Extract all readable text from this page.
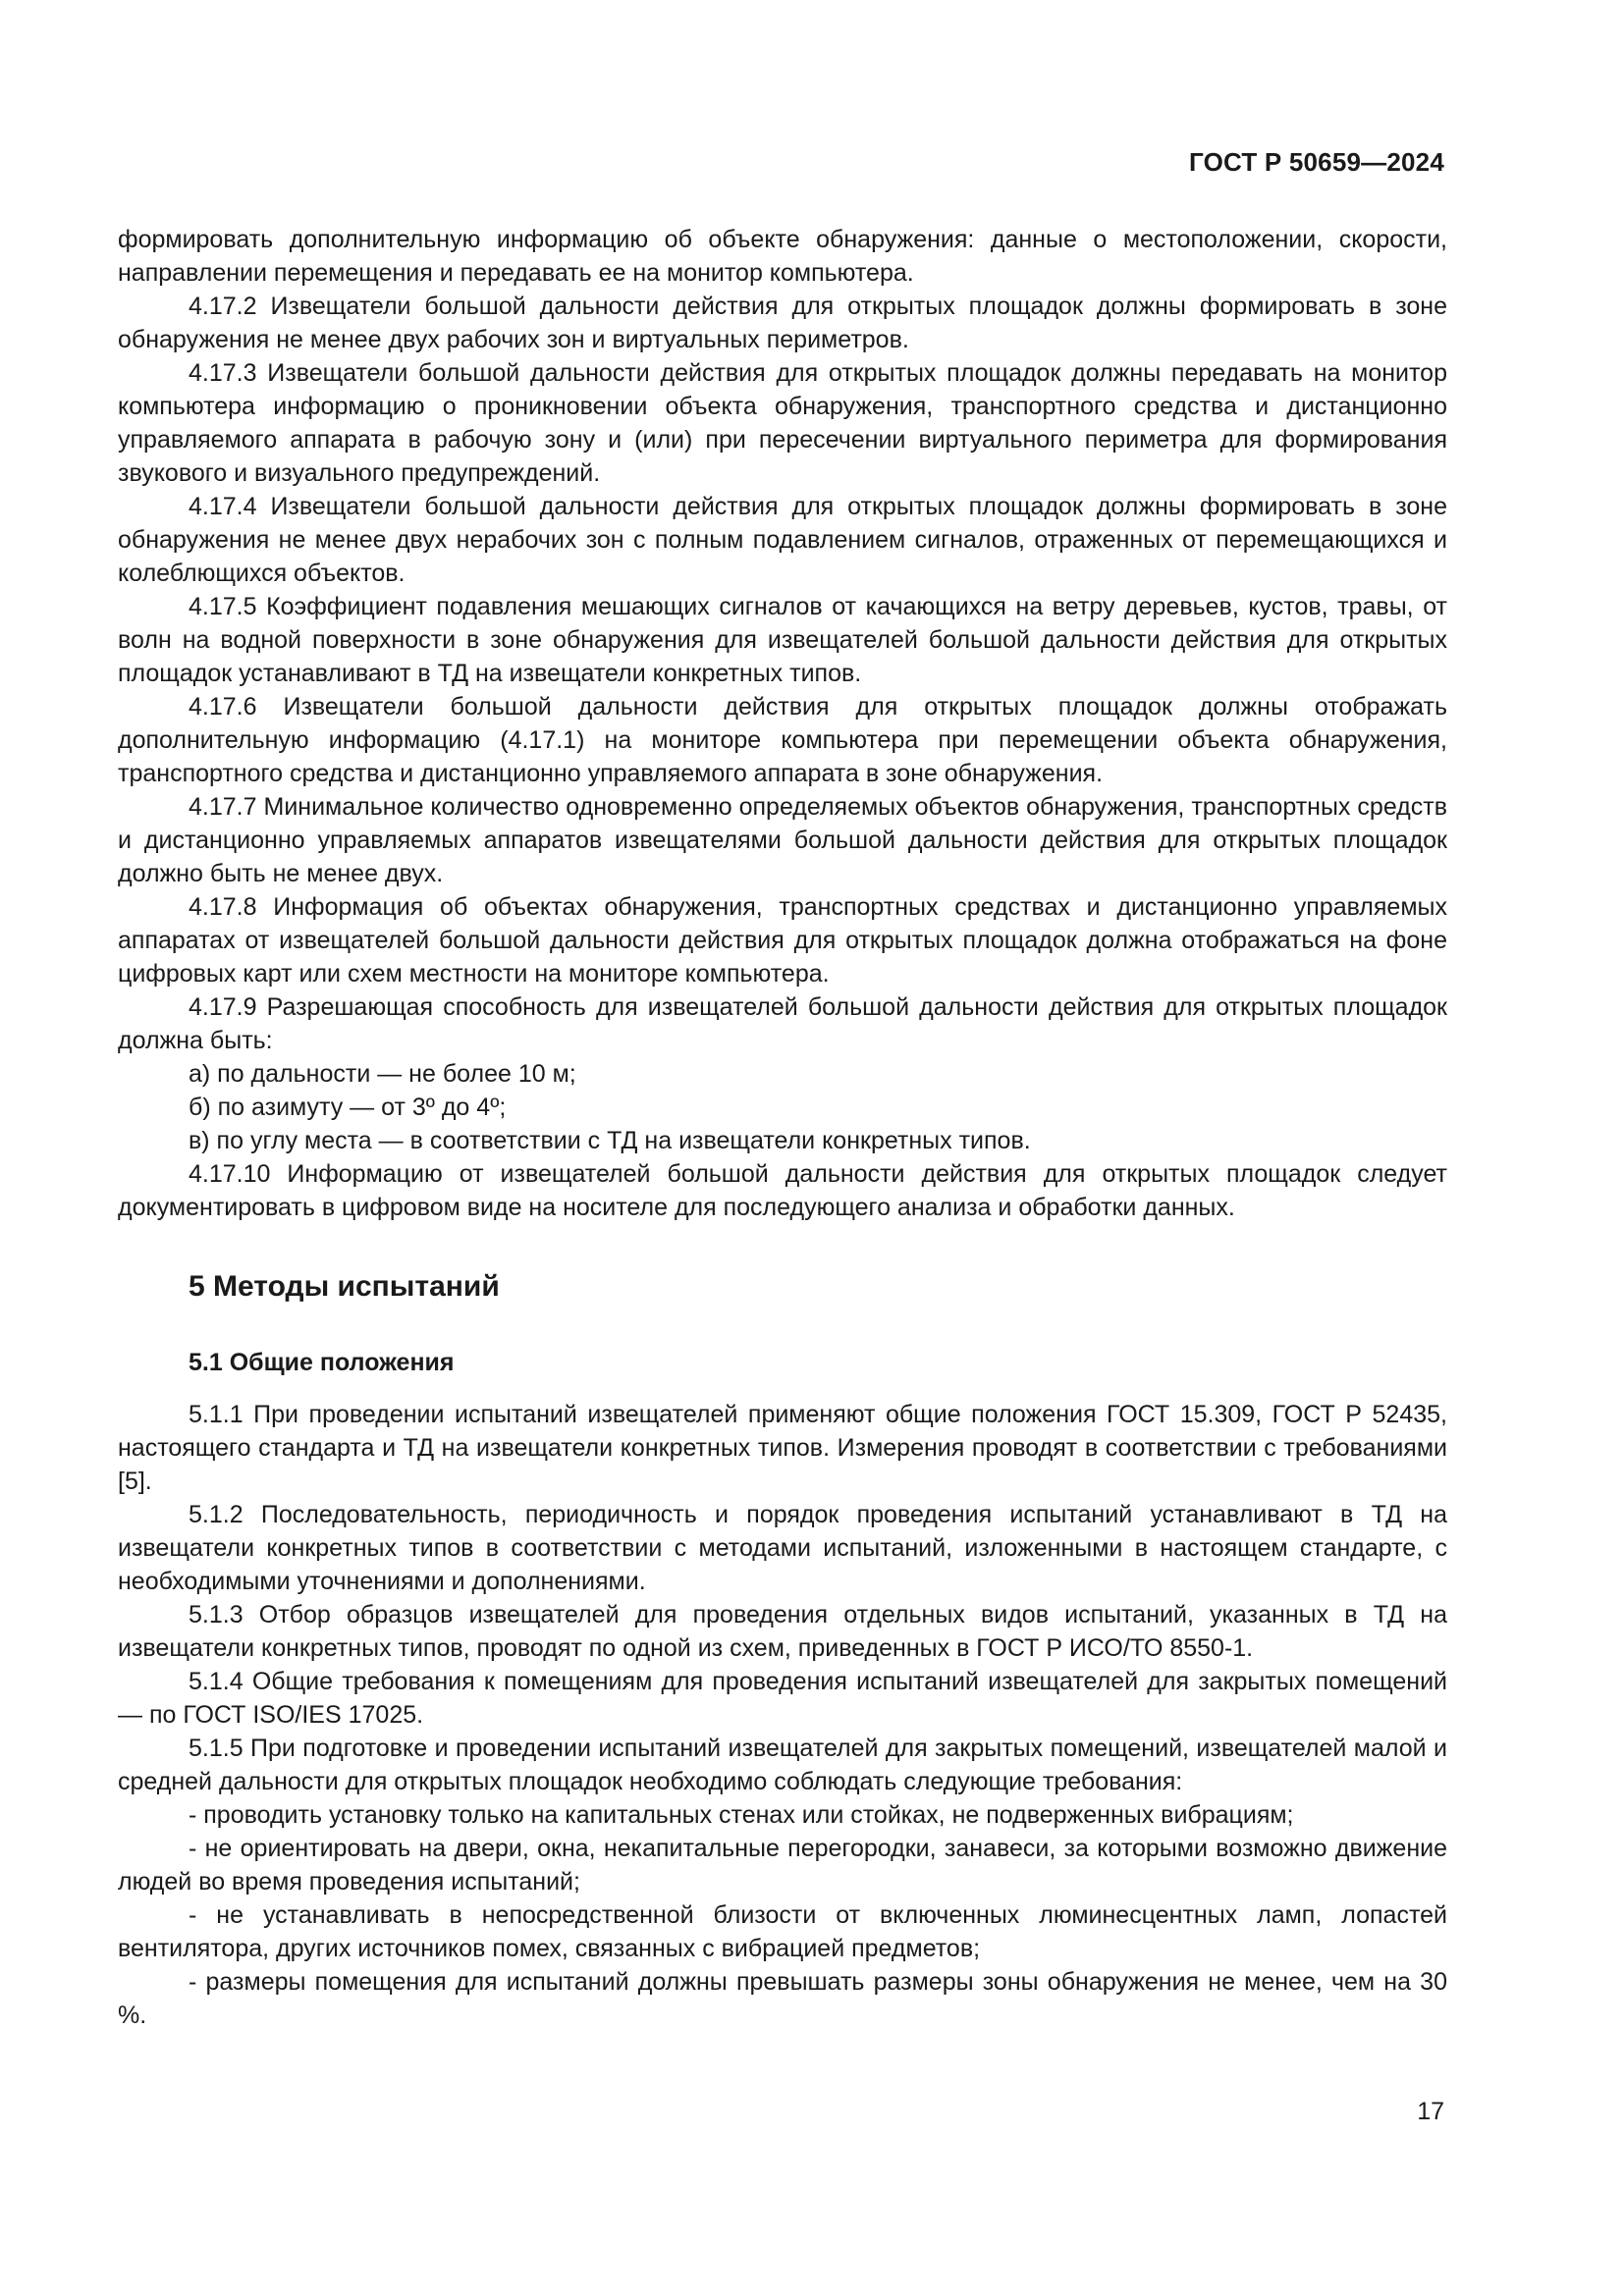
ГОСТ Р 50659—2024

формировать дополнительную информацию об объекте обнаружения: данные о местоположении, скорости, направлении перемещения и передавать ее на монитор компьютера.

4.17.2 Извещатели большой дальности действия для открытых площадок должны формировать в зоне обнаружения не менее двух рабочих зон и виртуальных периметров.

4.17.3 Извещатели большой дальности действия для открытых площадок должны передавать на монитор компьютера информацию о проникновении объекта обнаружения, транспортного средства и дистанционно управляемого аппарата в рабочую зону и (или) при пересечении виртуального периметра для формирования звукового и визуального предупреждений.

4.17.4 Извещатели большой дальности действия для открытых площадок должны формировать в зоне обнаружения не менее двух нерабочих зон с полным подавлением сигналов, отраженных от перемещающихся и колеблющихся объектов.

4.17.5 Коэффициент подавления мешающих сигналов от качающихся на ветру деревьев, кустов, травы, от волн на водной поверхности в зоне обнаружения для извещателей большой дальности действия для открытых площадок устанавливают в ТД на извещатели конкретных типов.

4.17.6 Извещатели большой дальности действия для открытых площадок должны отображать дополнительную информацию (4.17.1) на мониторе компьютера при перемещении объекта обнаружения, транспортного средства и дистанционно управляемого аппарата в зоне обнаружения.

4.17.7 Минимальное количество одновременно определяемых объектов обнаружения, транспортных средств и дистанционно управляемых аппаратов извещателями большой дальности действия для открытых площадок должно быть не менее двух.

4.17.8 Информация об объектах обнаружения, транспортных средствах и дистанционно управляемых аппаратах от извещателей большой дальности действия для открытых площадок должна отображаться на фоне цифровых карт или схем местности на мониторе компьютера.

4.17.9 Разрешающая способность для извещателей большой дальности действия для открытых площадок должна быть:

а) по дальности — не более 10 м;

б) по азимуту — от 3º до 4º;

в) по углу места — в соответствии с ТД на извещатели конкретных типов.

4.17.10 Информацию от извещателей большой дальности действия для открытых площадок следует документировать в цифровом виде на носителе для последующего анализа и обработки данных.

5 Методы испытаний
5.1 Общие положения

5.1.1 При проведении испытаний извещателей применяют общие положения ГОСТ 15.309, ГОСТ Р 52435, настоящего стандарта и ТД на извещатели конкретных типов. Измерения проводят в соответствии с требованиями [5].

5.1.2 Последовательность, периодичность и порядок проведения испытаний устанавливают в ТД на извещатели конкретных типов в соответствии с методами испытаний, изложенными в настоящем стандарте, с необходимыми уточнениями и дополнениями.

5.1.3 Отбор образцов извещателей для проведения отдельных видов испытаний, указанных в ТД на извещатели конкретных типов, проводят по одной из схем, приведенных в ГОСТ Р ИСО/ТО 8550-1.

5.1.4 Общие требования к помещениям для проведения испытаний извещателей для закрытых помещений — по ГОСТ ISO/IES 17025.

5.1.5 При подготовке и проведении испытаний извещателей для закрытых помещений, извещателей малой и средней дальности для открытых площадок необходимо соблюдать следующие требования:

- проводить установку только на капитальных стенах или стойках, не подверженных вибрациям;

- не ориентировать на двери, окна, некапитальные перегородки, занавеси, за которыми возможно движение людей во время проведения испытаний;

- не устанавливать в непосредственной близости от включенных люминесцентных ламп, лопастей вентилятора, других источников помех, связанных с вибрацией предметов;

- размеры помещения для испытаний должны превышать размеры зоны обнаружения не менее, чем на 30 %.

17
